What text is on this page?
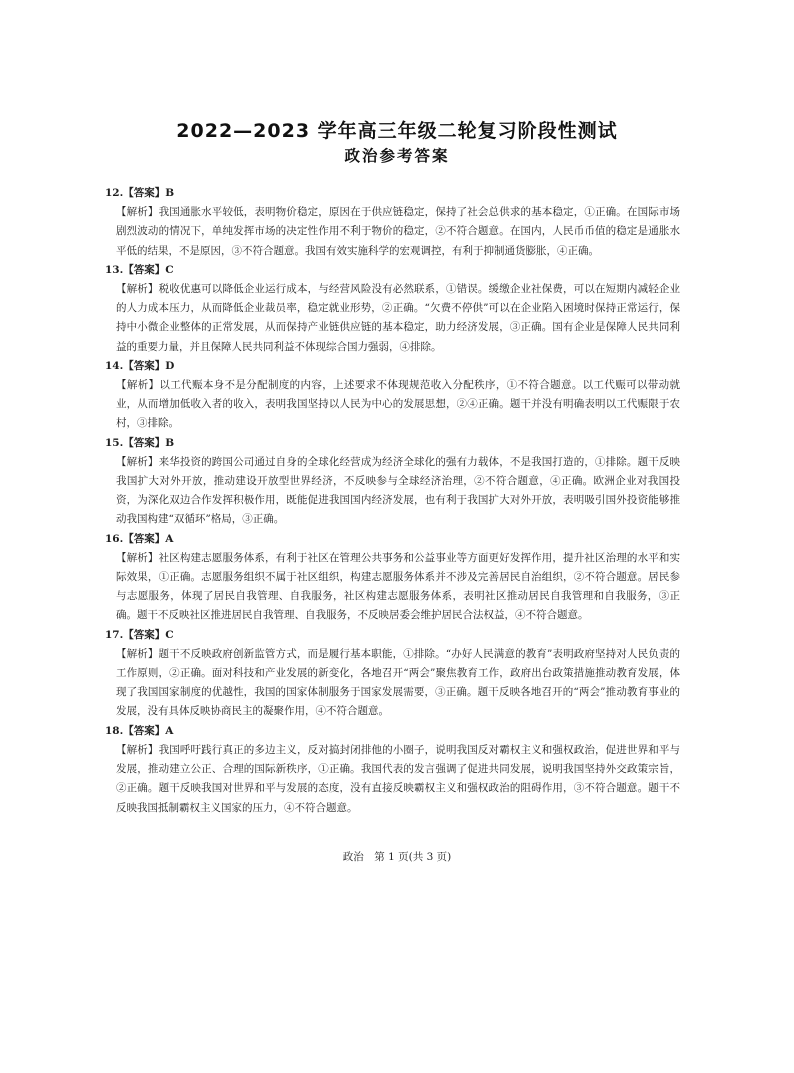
2022—2023 学年高三年级二轮复习阶段性测试
政治参考答案
12.【答案】B
【解析】我国通胀水平较低，表明物价稳定，原因在于供应链稳定，保持了社会总供求的基本稳定，①正确。在国际市场剧烈波动的情况下，单纯发挥市场的决定性作用不利于物价的稳定，②不符合题意。在国内，人民币币值的稳定是通胀水平低的结果，不是原因，③不符合题意。我国有效实施科学的宏观调控，有利于抑制通货膨胀，④正确。
13.【答案】C
【解析】税收优惠可以降低企业运行成本，与经营风险没有必然联系，①错误。缓缴企业社保费，可以在短期内减轻企业的人力成本压力，从而降低企业裁员率，稳定就业形势，②正确。“欠费不停供”可以在企业陷入困境时保持正常运行，保持中小微企业整体的正常发展，从而保持产业链供应链的基本稳定，助力经济发展，③正确。国有企业是保障人民共同利益的重要力量，并且保障人民共同利益不体现综合国力强弱，④排除。
14.【答案】D
【解析】以工代赈本身不是分配制度的内容，上述要求不体现规范收入分配秩序，①不符合题意。以工代赈可以带动就业，从而增加低收入者的收入，表明我国坚持以人民为中心的发展思想，②④正确。题干并没有明确表明以工代赈限于农村，③排除。
15.【答案】B
【解析】来华投资的跨国公司通过自身的全球化经营成为经济全球化的强有力载体，不是我国打造的，①排除。题干反映我国扩大对外开放，推动建设开放型世界经济，不反映参与全球经济治理，②不符合题意，④正确。欧洲企业对我国投资，为深化双边合作发挥积极作用，既能促进我国国内经济发展，也有利于我国扩大对外开放，表明吸引国外投资能够推动我国构建“双循环”格局，③正确。
16.【答案】A
【解析】社区构建志愿服务体系，有利于社区在管理公共事务和公益事业等方面更好发挥作用，提升社区治理的水平和实际效果，①正确。志愿服务组织不属于社区组织，构建志愿服务体系并不涉及完善居民自治组织，②不符合题意。居民参与志愿服务，体现了居民自我管理、自我服务，社区构建志愿服务体系，表明社区推动居民自我管理和自我服务，③正确。题干不反映社区推进居民自我管理、自我服务，不反映居委会维护居民合法权益，④不符合题意。
17.【答案】C
【解析】题干不反映政府创新监管方式，而是履行基本职能，①排除。“办好人民满意的教育”表明政府坚持对人民负责的工作原则，②正确。面对科技和产业发展的新变化，各地召开“两会”聚焦教育工作，政府出台政策措施推动教育发展，体现了我国国家制度的优越性，我国的国家体制服务于国家发展需要，③正确。题干反映各地召开的“两会”推动教育事业的发展，没有具体反映协商民主的凝聚作用，④不符合题意。
18.【答案】A
【解析】我国呼吁践行真正的多边主义，反对搞封闭排他的小圈子，说明我国反对霸权主义和强权政治，促进世界和平与发展，推动建立公正、合理的国际新秩序，①正确。我国代表的发言强调了促进共同发展，说明我国坚持外交政策宗旨，②正确。题干反映我国对世界和平与发展的态度，没有直接反映霸权主义和强权政治的阻碍作用，③不符合题意。题干不反映我国抵制霸权主义国家的压力，④不符合题意。
政治　第 1 页(共 3 页)
